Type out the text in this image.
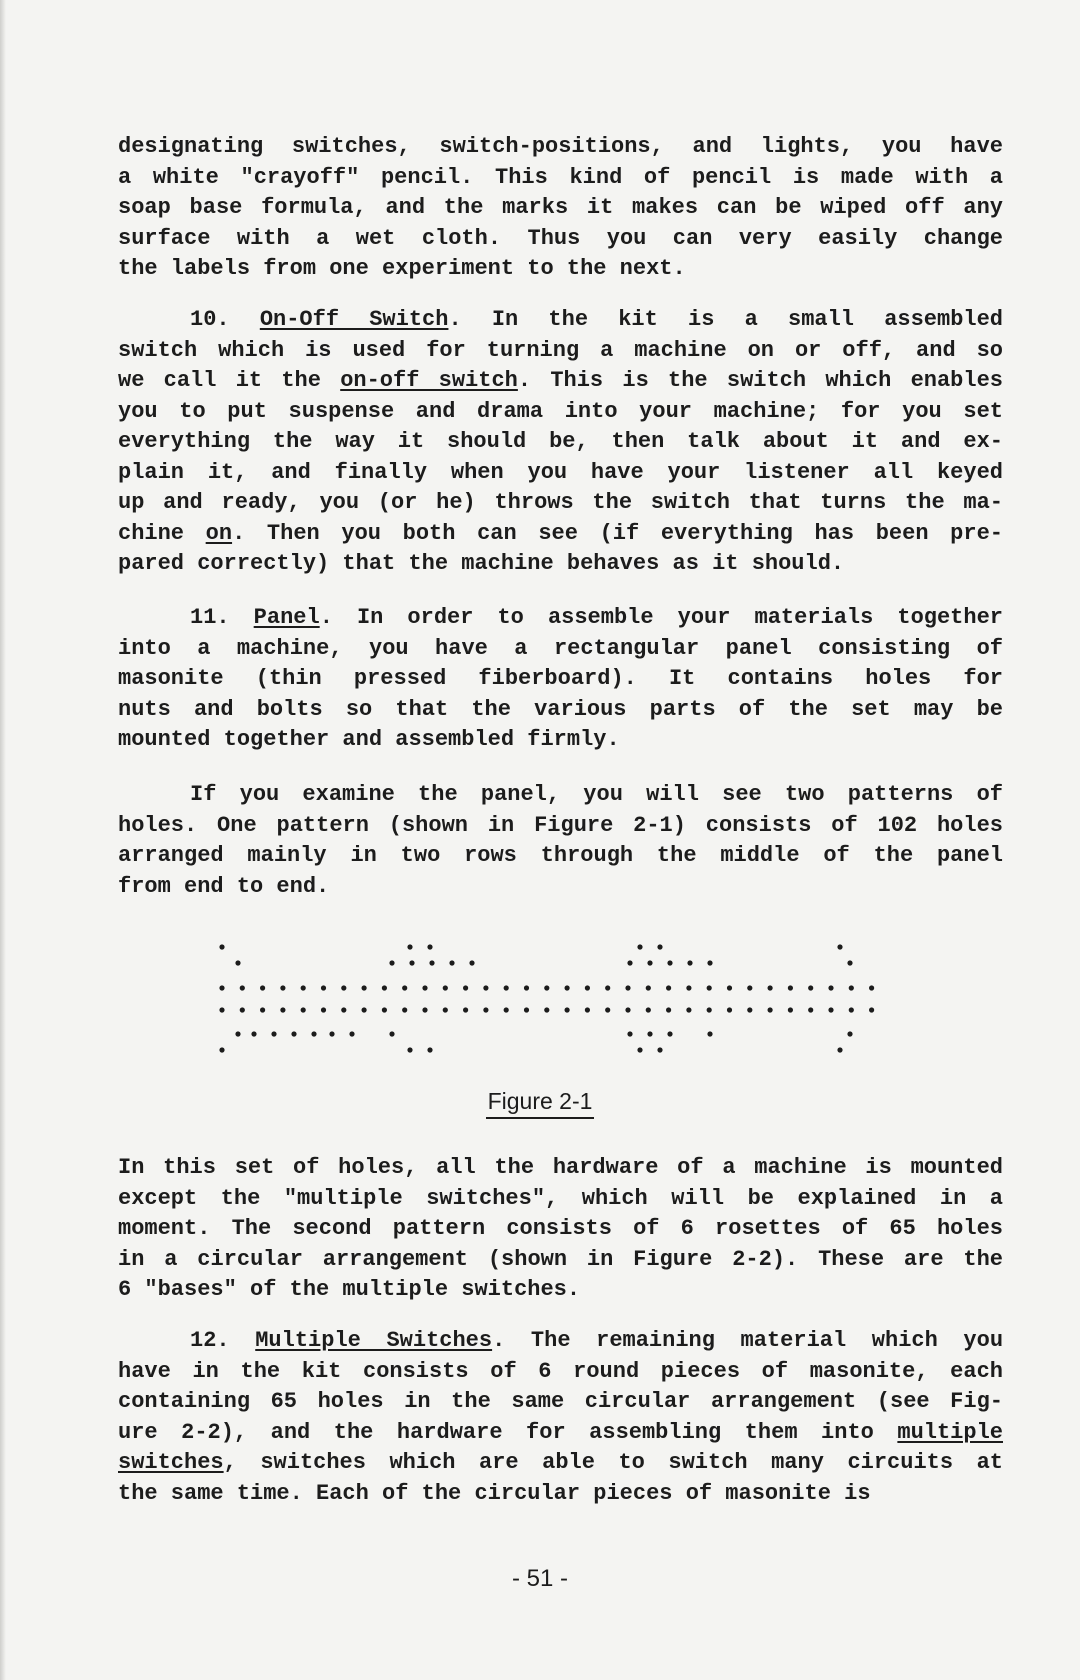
designating switches, switch-positions, and lights, you have
a white "crayoff" pencil. This kind of pencil is made with a
soap base formula, and the marks it makes can be wiped off any
surface with a wet cloth. Thus you can very easily change
the labels from one experiment to the next.
10. On-Off Switch. In the kit is a small assembled
switch which is used for turning a machine on or off, and so
we call it the on-off switch. This is the switch which enables
you to put suspense and drama into your machine; for you set
everything the way it should be, then talk about it and ex-
plain it, and finally when you have your listener all keyed
up and ready, you (or he) throws the switch that turns the ma-
chine on. Then you both can see (if everything has been pre-
pared correctly) that the machine behaves as it should.
11. Panel. In order to assemble your materials together
into a machine, you have a rectangular panel consisting of
masonite (thin pressed fiberboard). It contains holes for
nuts and bolts so that the various parts of the set may be
mounted together and assembled firmly.
If you examine the panel, you will see two patterns of
holes. One pattern (shown in Figure 2-1) consists of 102 holes
arranged mainly in two rows through the middle of the panel
from end to end.
Figure 2-1
In this set of holes, all the hardware of a machine is mounted
except the "multiple switches", which will be explained in a
moment. The second pattern consists of 6 rosettes of 65 holes
in a circular arrangement (shown in Figure 2-2). These are the
6 "bases" of the multiple switches.
12. Multiple Switches. The remaining material which you
have in the kit consists of 6 round pieces of masonite, each
containing 65 holes in the same circular arrangement (see Fig-
ure 2-2), and the hardware for assembling them into multiple
switches, switches which are able to switch many circuits at
the same time. Each of the circular pieces of masonite is
- 51 -
